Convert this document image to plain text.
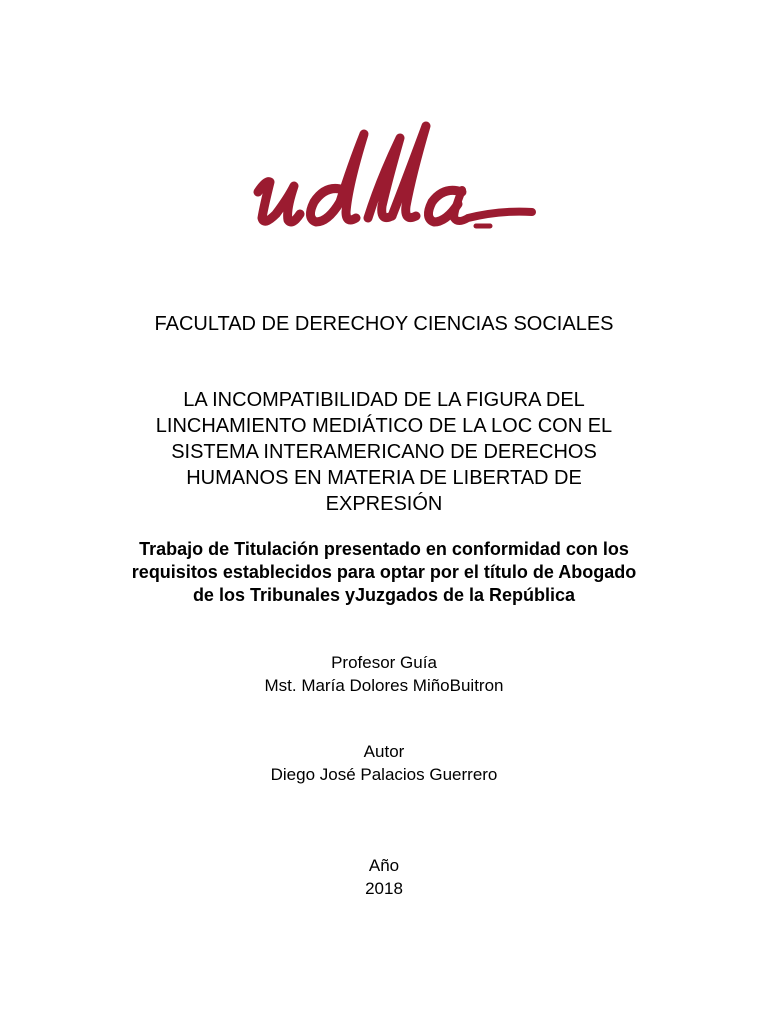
FACULTAD DE DERECHOY CIENCIAS SOCIALES

LA INCOMPATIBILIDAD DE LA FIGURA DEL
LINCHAMIENTO MEDIÁTICO DE LA LOC CON EL
SISTEMA INTERAMERICANO DE DERECHOS
HUMANOS EN MATERIA DE LIBERTAD DE
EXPRESIÓN

Trabajo de Titulación presentado en conformidad con los
requisitos establecidos para optar por el título de Abogado
de los Tribunales yJuzgados de la República

Profesor Guía
Mst. María Dolores MiñoBuitron
Autor
Diego José Palacios Guerrero
Año
2018
